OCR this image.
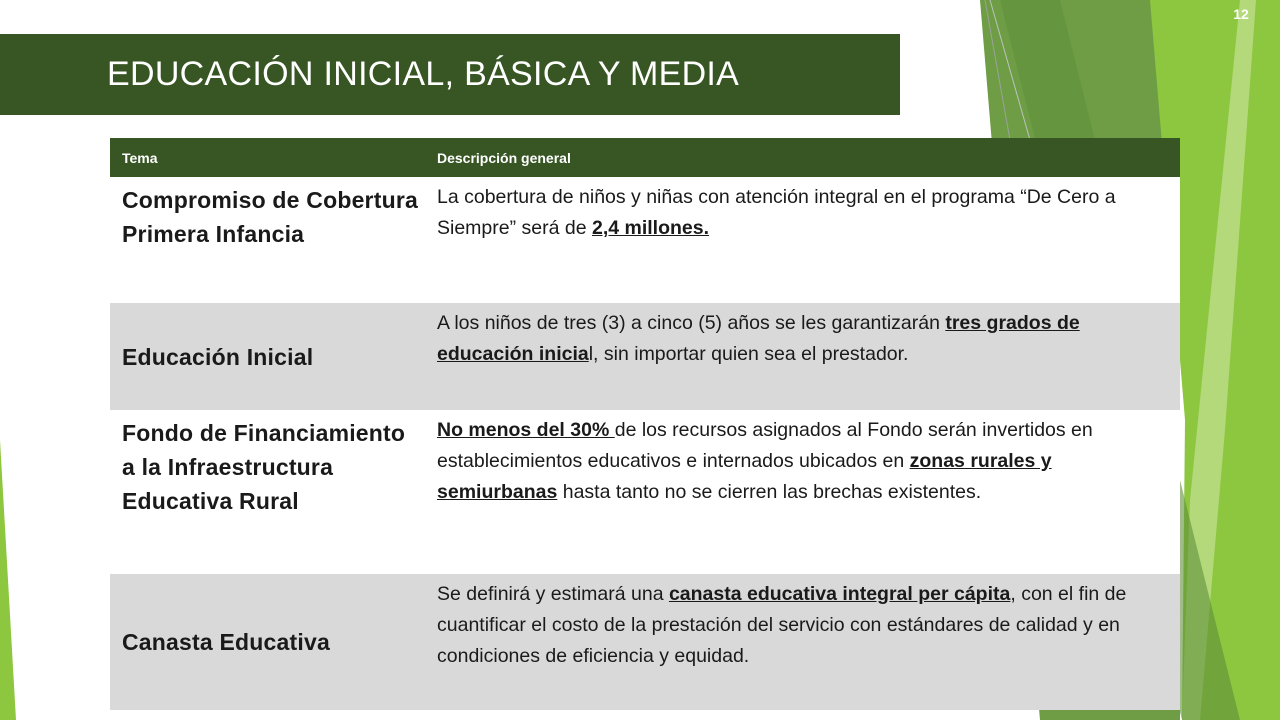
EDUCACIÓN INICIAL, BÁSICA Y MEDIA
12
Tema	Descripción general
Compromiso de Cobertura Primera Infancia	La cobertura de niños y niñas con atención integral en el programa “De Cero a Siempre” será de 2,4 millones.
Educación Inicial	A los niños de tres (3) a cinco (5) años se les garantizarán tres grados de educación inicial, sin importar quien sea el prestador.
Fondo de Financiamiento a la Infraestructura Educativa Rural	No menos del 30% de los recursos asignados al Fondo serán invertidos en establecimientos educativos e internados ubicados en zonas rurales y semiurbanas hasta tanto no se cierren las brechas existentes.
Canasta Educativa	Se definirá y estimará una canasta educativa integral per cápita, con el fin de cuantificar el costo de la prestación del servicio con estándares de calidad y en condiciones de eficiencia y equidad.
